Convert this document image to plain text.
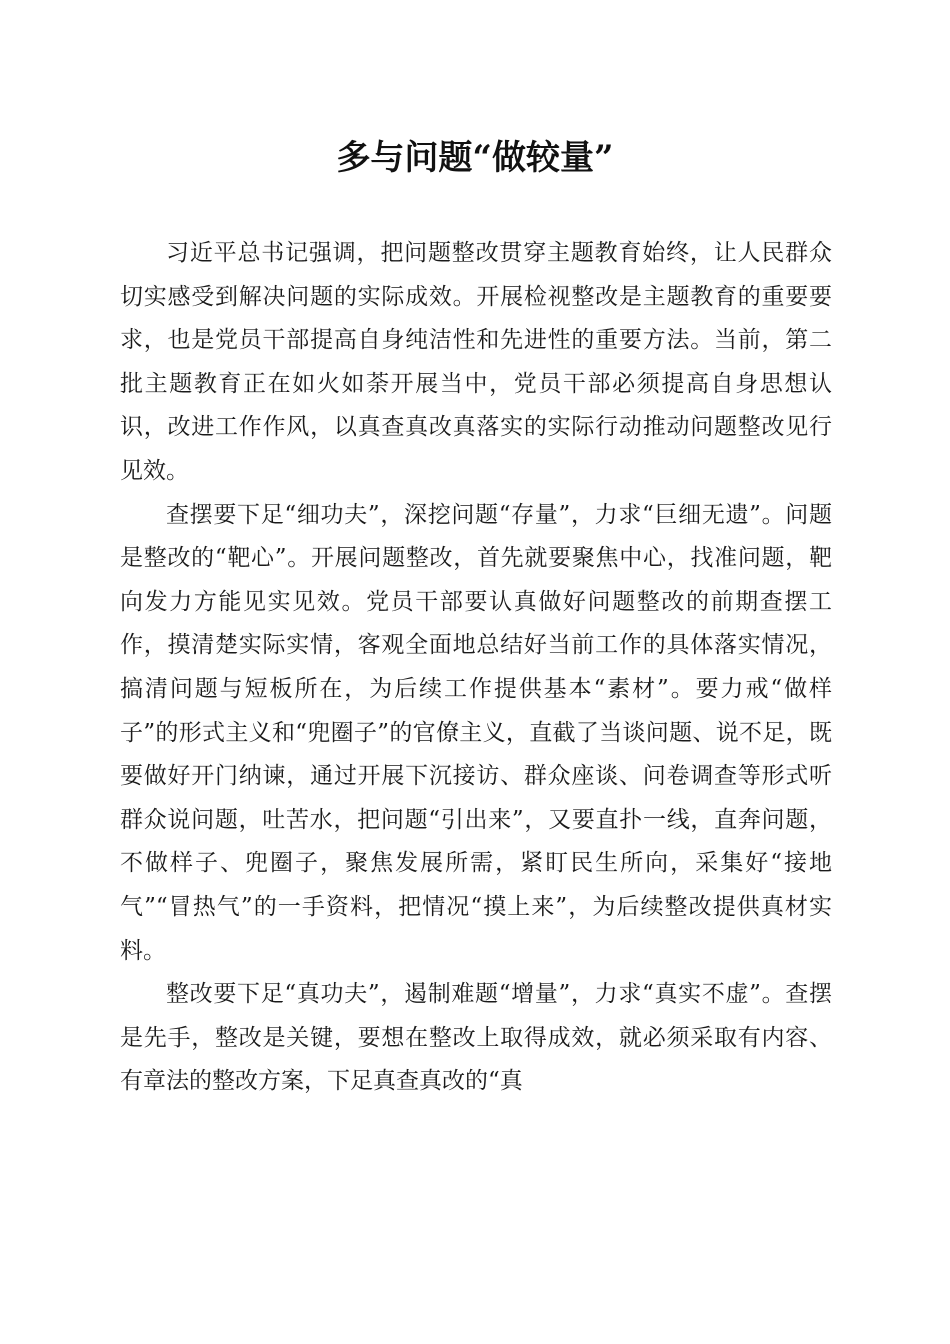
多与问题“做较量”

习近平总书记强调，把问题整改贯穿主题教育始终，让人民群众切实感受到解决问题的实际成效。开展检视整改是主题教育的重要要求，也是党员干部提高自身纯洁性和先进性的重要方法。当前，第二批主题教育正在如火如荼开展当中，党员干部必须提高自身思想认识，改进工作作风，以真查真改真落实的实际行动推动问题整改见行见效。

查摆要下足“细功夫”，深挖问题“存量”，力求“巨细无遗”。问题是整改的“靶心”。开展问题整改，首先就要聚焦中心，找准问题，靶向发力方能见实见效。党员干部要认真做好问题整改的前期查摆工作，摸清楚实际实情，客观全面地总结好当前工作的具体落实情况，搞清问题与短板所在，为后续工作提供基本“素材”。要力戒“做样子”的形式主义和“兜圈子”的官僚主义，直截了当谈问题、说不足，既要做好开门纳谏，通过开展下沉接访、群众座谈、问卷调查等形式听群众说问题，吐苦水，把问题“引出来”，又要直扑一线，直奔问题，不做样子、兜圈子，聚焦发展所需，紧盯民生所向，采集好“接地气”“冒热气”的一手资料，把情况“摸上来”，为后续整改提供真材实料。

整改要下足“真功夫”，遏制难题“增量”，力求“真实不虚”。查摆是先手，整改是关键，要想在整改上取得成效，就必须采取有内容、有章法的整改方案，下足真查真改的“真
